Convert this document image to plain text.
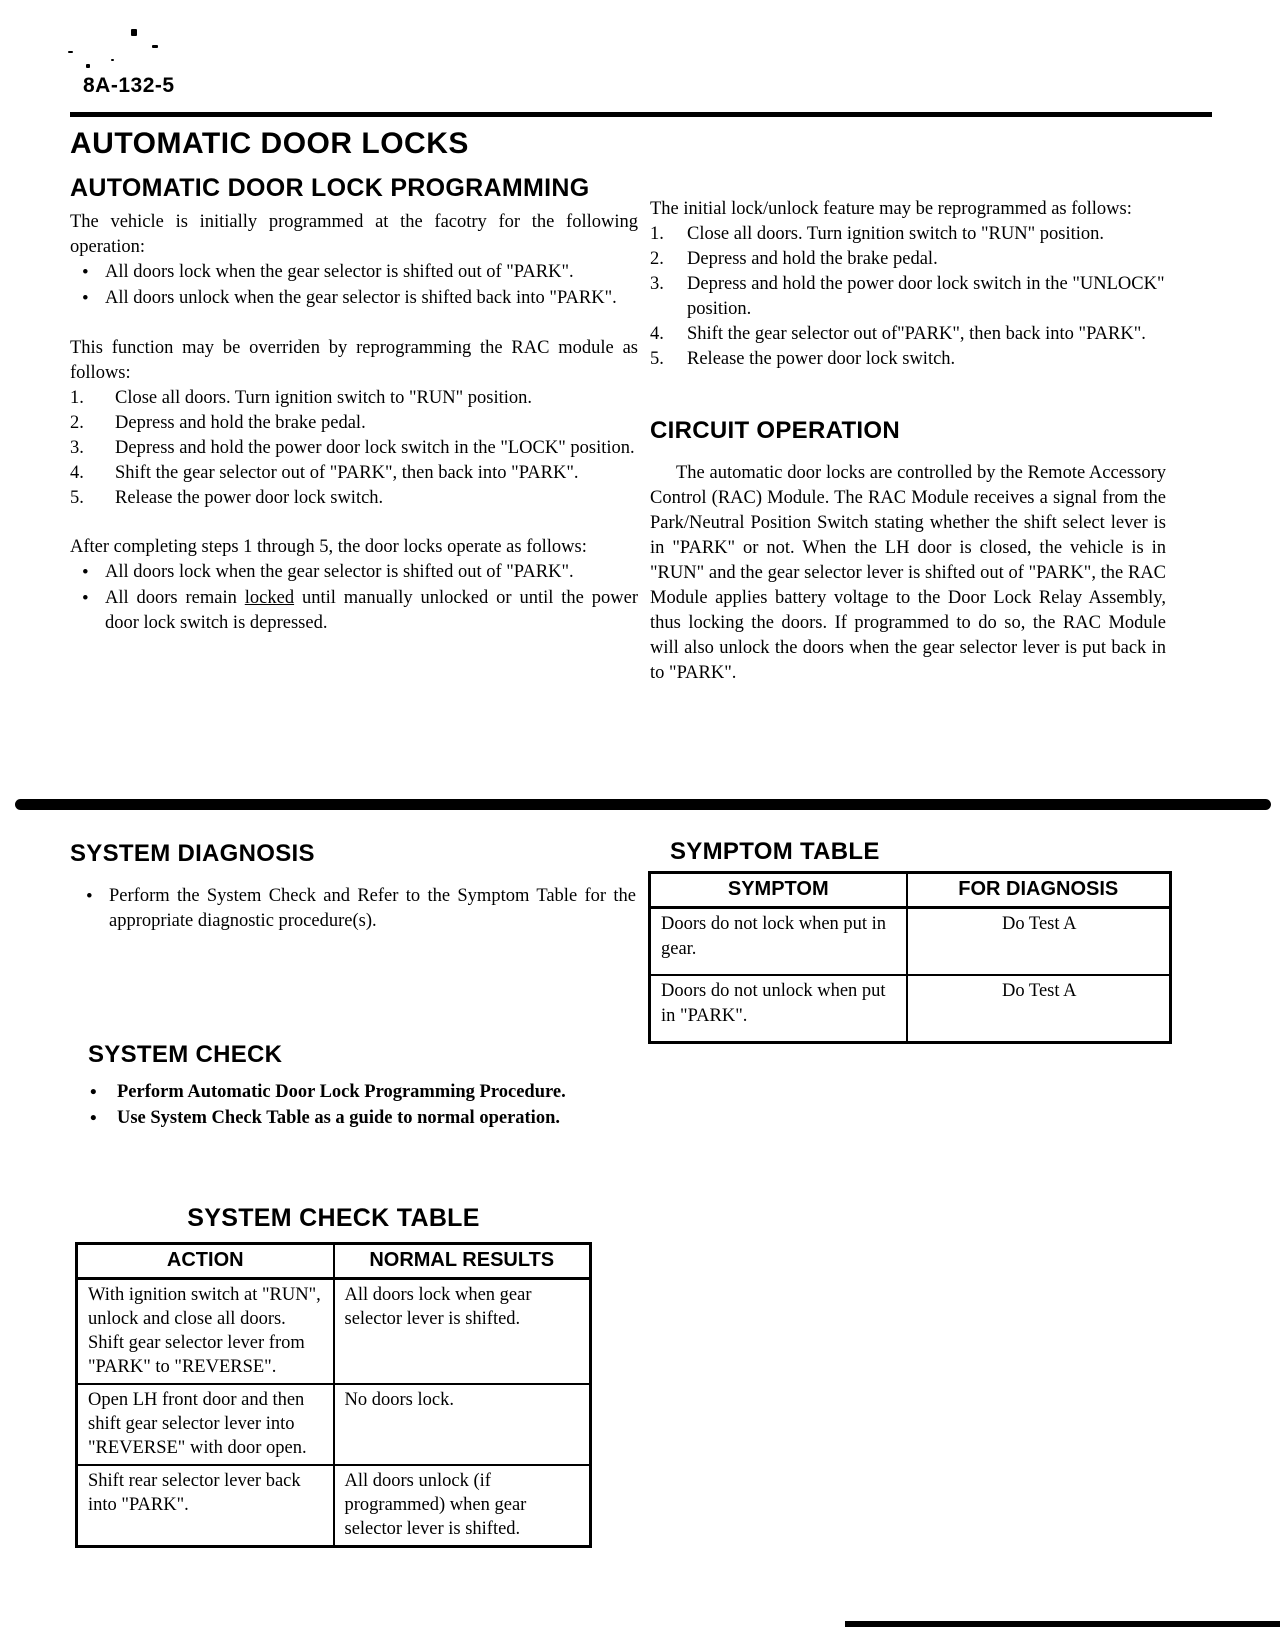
8A-132-5
AUTOMATIC DOOR LOCKS
AUTOMATIC DOOR LOCK PROGRAMMING

The vehicle is initially programmed at the facotry for the following operation:

•
All doors lock when the gear selector is shifted out of "PARK".
•
All doors unlock when the gear selector is shifted back into "PARK".

This function may be overriden by reprogramming the RAC module as follows:

1.	Close all doors. Turn ignition switch to "RUN" position.
2.	Depress and hold the brake pedal.
3.	Depress and hold the power door lock switch in the "LOCK" position.
4.	Shift the gear selector out of "PARK", then back into "PARK".
5.	Release the power door lock switch.

After completing steps 1 through 5, the door locks operate as follows:

•
All doors lock when the gear selector is shifted out of "PARK".
•
All doors remain locked until manually unlocked or until the power door lock switch is depressed.

The initial lock/unlock feature may be reprogrammed as follows:

1.	Close all doors. Turn ignition switch to "RUN" position.
2.	Depress and hold the brake pedal.
3.	Depress and hold the power door lock switch in the "UNLOCK" position.
4.	Shift the gear selector out of"PARK", then back into "PARK".
5.	Release the power door lock switch.
CIRCUIT OPERATION

The automatic door locks are controlled by the Remote Accessory Control (RAC) Module. The RAC Module receives a signal from the Park/Neutral Position Switch stating whether the shift select lever is in "PARK" or not. When the LH door is closed, the vehicle is in "RUN" and the gear selector lever is shifted out of "PARK", the RAC Module applies battery voltage to the Door Lock Relay Assembly, thus locking the doors. If programmed to do so, the RAC Module will also unlock the doors when the gear selector lever is put back in to "PARK".

SYSTEM DIAGNOSIS
•
Perform the System Check and Refer to the Symptom Table for the appropriate diagnostic procedure(s).
SYMPTOM TABLE
SYMPTOM	FOR DIAGNOSIS
Doors do not lock when put in gear.	Do Test A
Doors do not unlock when put in "PARK".	Do Test A
SYSTEM CHECK
•
Perform Automatic Door Lock Programming Procedure.
•
Use System Check Table as a guide to normal operation.
SYSTEM CHECK TABLE
ACTION	NORMAL RESULTS
With ignition switch at "RUN", unlock and close all doors. Shift gear selector lever from "PARK" to "REVERSE".	All doors lock when gear selector lever is shifted.
Open LH front door and then shift gear selector lever into "REVERSE" with door open.	No doors lock.
Shift rear selector lever back into "PARK".	All doors unlock (if programmed) when gear selector lever is shifted.
